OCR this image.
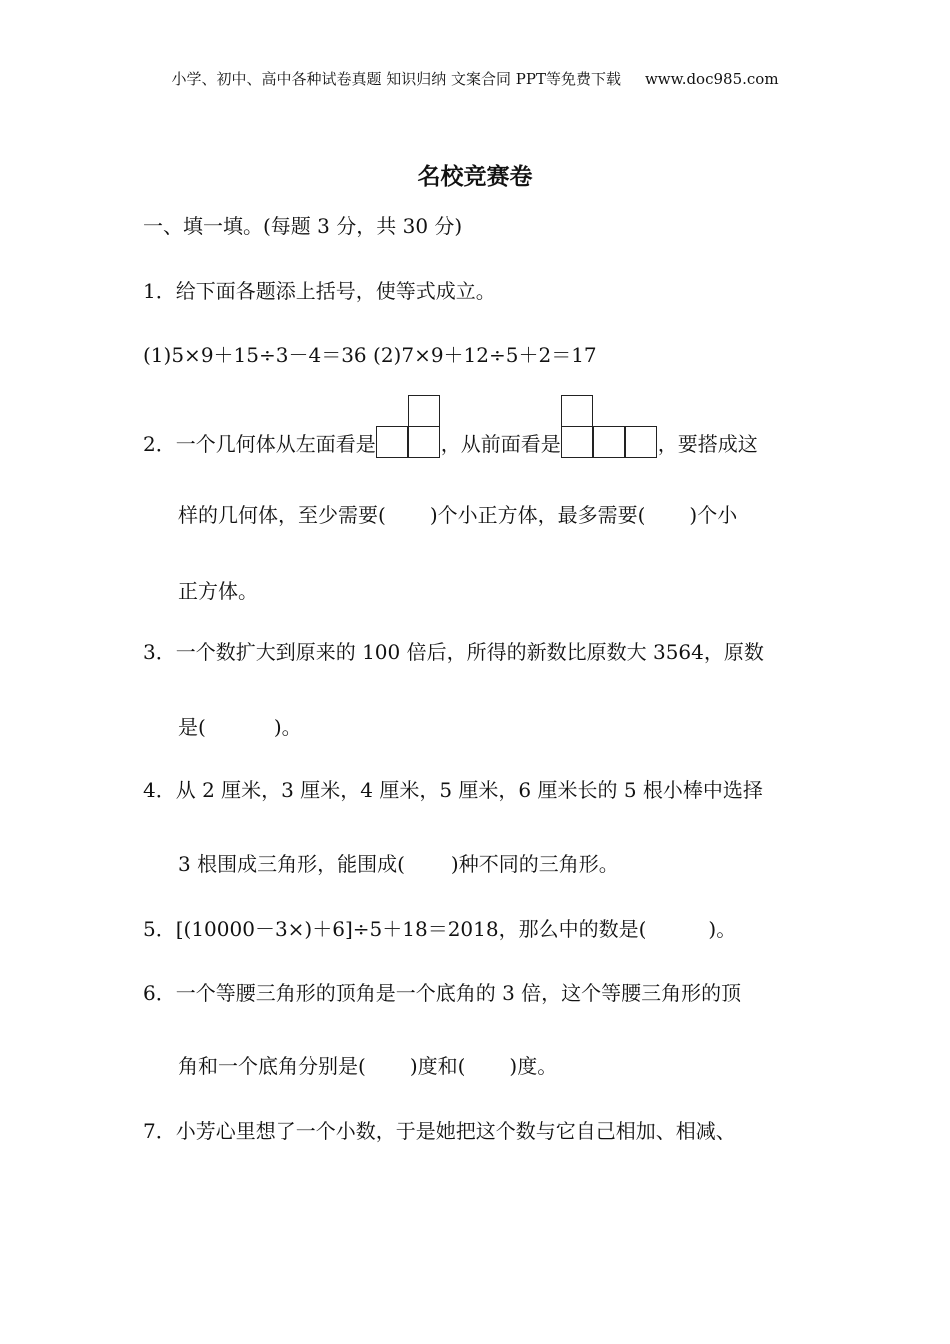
小学、初中、高中各种试卷真题 知识归纳 文案合同 PPT等免费下载 www.doc985.com
名校竞赛卷
一、填一填。(每题 3 分，共 30 分)
1．给下面各题添上括号，使等式成立。
(1)5×9＋15÷3－4＝36 (2)7×9＋12÷5＋2＝17
2．一个几何体从左面看是	，从前面看是	，要搭成这
样的几何体，至少需要( )个小正方体，最多需要( )个小
正方体。
3．一个数扩大到原来的 100 倍后，所得的新数比原数大 3564，原数
是(	)。
4．从 2 厘米，3 厘米，4 厘米，5 厘米，6 厘米长的 5 根小棒中选择
3 根围成三角形，能围成( )种不同的三角形。
5．[(10000－3×)＋6]÷5＋18＝2018，那么中的数是(	)。
6．一个等腰三角形的顶角是一个底角的 3 倍，这个等腰三角形的顶
角和一个底角分别是( )度和( )度。
7．小芳心里想了一个小数，于是她把这个数与它自己相加、相减、
